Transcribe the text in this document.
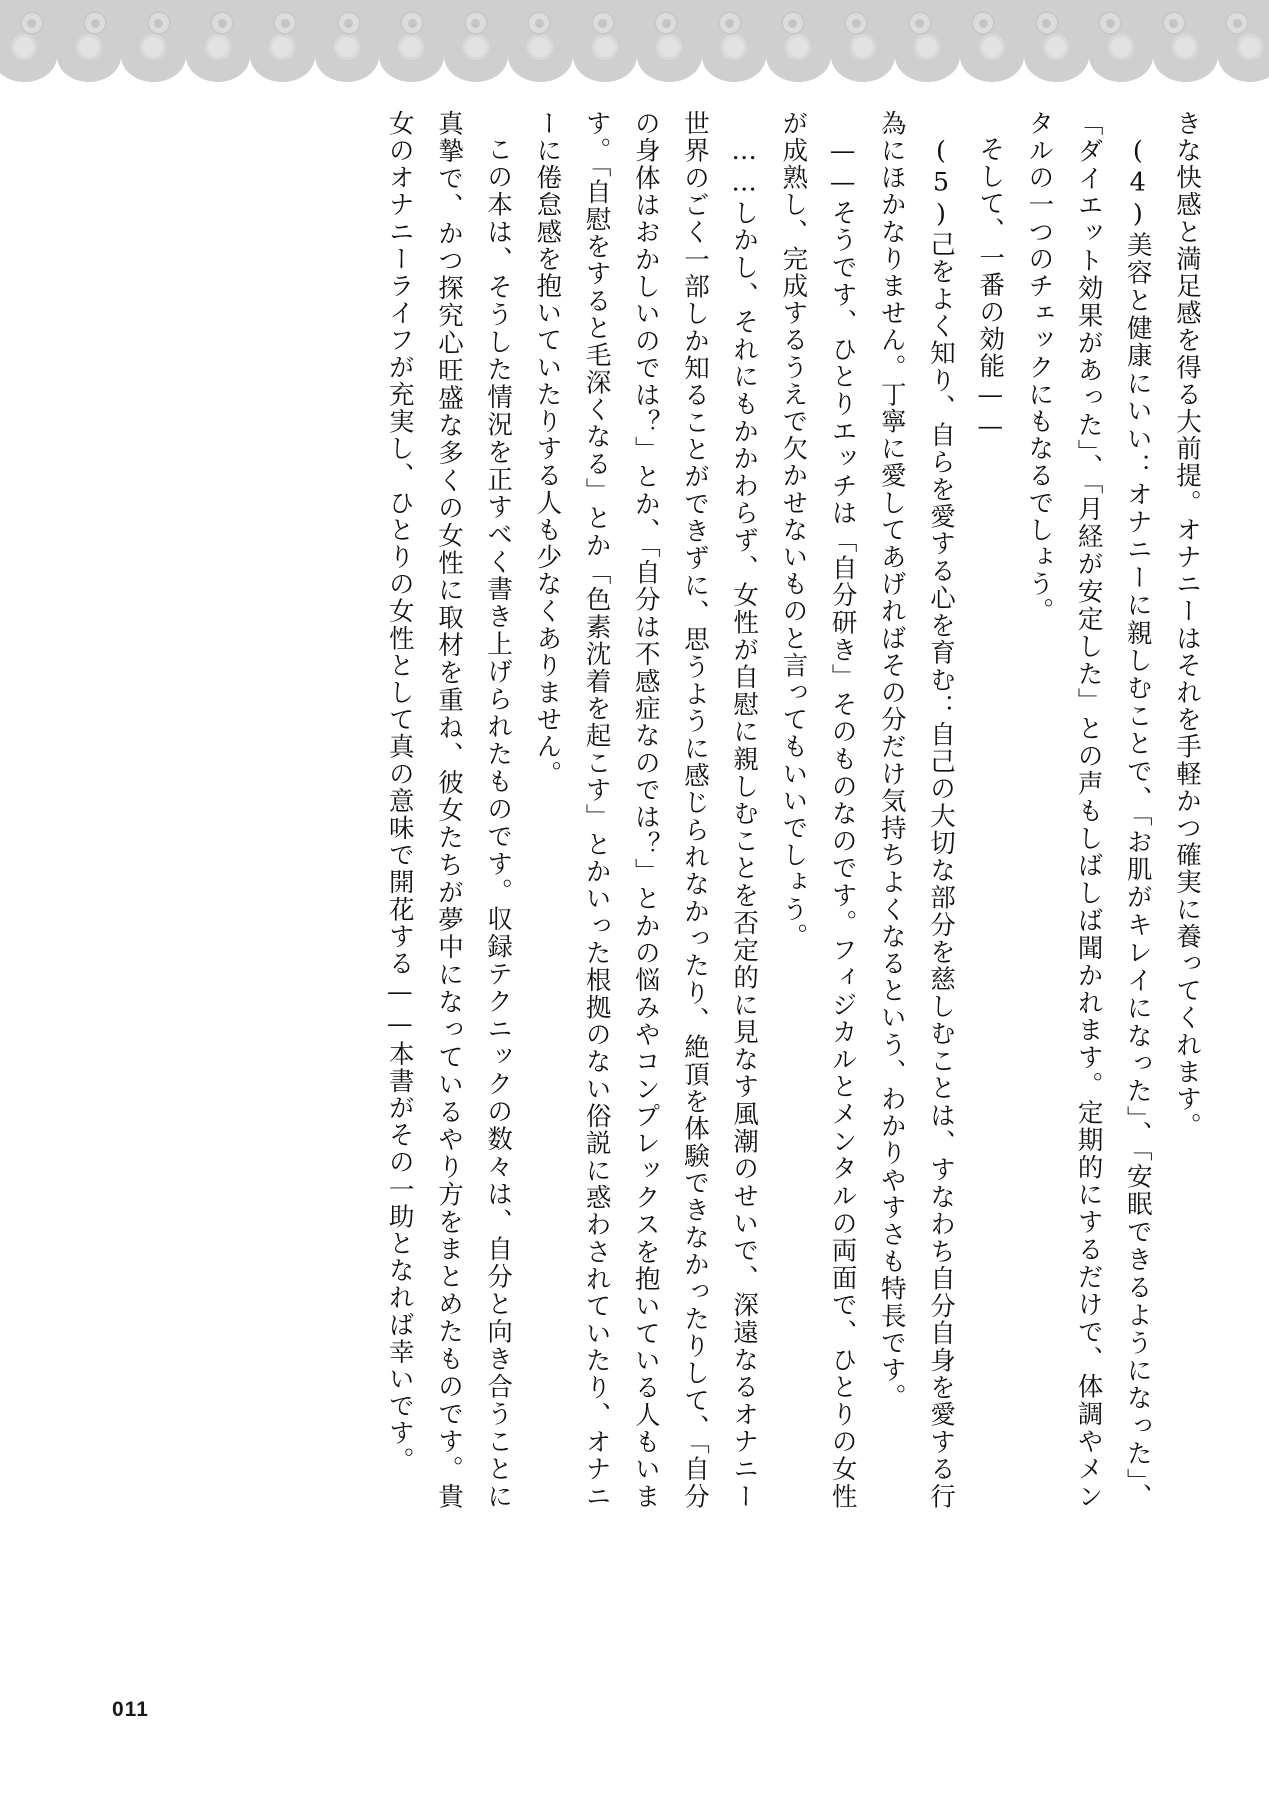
きな快感と満足感を得る大前提。オナニーはそれを手軽かつ確実に養ってくれます。

(4)美容と健康にいい：オナニーに親しむことで、「お肌がキレイになった」、「安眠できるようになった」、「ダイエット効果があった」、「月経が安定した」との声もしばしば聞かれます。定期的にするだけで、体調やメンタルの一つのチェックにもなるでしょう。

そして、一番の効能——

(5)己をよく知り、自らを愛する心を育む：自己の大切な部分を慈しむことは、すなわち自分自身を愛する行為にほかなりません。丁寧に愛してあげればその分だけ気持ちよくなるという、わかりやすさも特長です。

——そうです、ひとりエッチは「自分研き」そのものなのです。フィジカルとメンタルの両面で、ひとりの女性が成熟し、完成するうえで欠かせないものと言ってもいいでしょう。

……しかし、それにもかかわらず、女性が自慰に親しむことを否定的に見なす風潮のせいで、深遠なるオナニー世界のごく一部しか知ることができずに、思うように感じられなかったり、絶頂を体験できなかったりして、「自分の身体はおかしいのでは？」とか、「自分は不感症なのでは？」とかの悩みやコンプレックスを抱いている人もいます。「自慰をすると毛深くなる」とか「色素沈着を起こす」とかいった根拠のない俗説に惑わされていたり、オナニーに倦怠感を抱いていたりする人も少なくありません。

この本は、そうした情況を正すべく書き上げられたものです。収録テクニックの数々は、自分と向き合うことに真摯で、かつ探究心旺盛な多くの女性に取材を重ね、彼女たちが夢中になっているやり方をまとめたものです。貴女のオナニーライフが充実し、ひとりの女性として真の意味で開花する——本書がその一助となれば幸いです。

011
